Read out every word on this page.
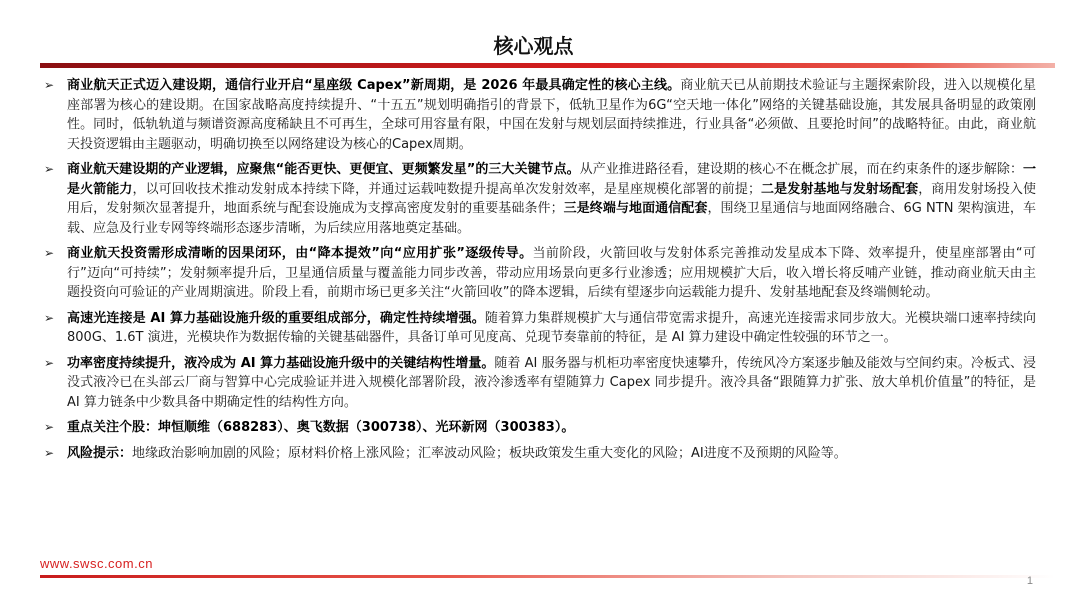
核心观点
➢ 商业航天正式迈入建设期，通信行业开启“星座级 Capex”新周期，是 2026 年最具确定性的核心主线。商业航天已从前期技术验证与主题探索阶段，进入以规模化星座部署为核心的建设期。在国家战略高度持续提升、“十五五”规划明确指引的背景下，低轨卫星作为6G“空天地一体化”网络的关键基础设施，其发展具备明显的政策刚性。同时，低轨轨道与频谱资源高度稀缺且不可再生，全球可用容量有限，中国在发射与规划层面持续推进，行业具备“必须做、且要抢时间”的战略特征。由此，商业航天投资逻辑由主题驱动，明确切换至以网络建设为核心的Capex周期。
➢ 商业航天建设期的产业逻辑，应聚焦“能否更快、更便宜、更频繁发星”的三大关键节点。从产业推进路径看，建设期的核心不在概念扩展，而在约束条件的逐步解除：一是火箭能力，以可回收技术推动发射成本持续下降，并通过运载吨数提升提高单次发射效率，是星座规模化部署的前提；二是发射基地与发射场配套，商用发射场投入使用后，发射频次显著提升，地面系统与配套设施成为支撑高密度发射的重要基础条件；三是终端与地面通信配套，围绕卫星通信与地面网络融合、6G NTN 架构演进，车载、应急及行业专网等终端形态逐步清晰，为后续应用落地奠定基础。
➢ 商业航天投资需形成清晰的因果闭环，由“降本提效”向“应用扩张”逐级传导。当前阶段，火箭回收与发射体系完善推动发星成本下降、效率提升，使星座部署由“可行”迈向“可持续”；发射频率提升后，卫星通信质量与覆盖能力同步改善，带动应用场景向更多行业渗透；应用规模扩大后，收入增长将反哺产业链，推动商业航天由主题投资向可验证的产业周期演进。阶段上看，前期市场已更多关注“火箭回收”的降本逻辑，后续有望逐步向运载能力提升、发射基地配套及终端侧轮动。
➢ 高速光连接是 AI 算力基础设施升级的重要组成部分，确定性持续增强。随着算力集群规模扩大与通信带宽需求提升，高速光连接需求同步放大。光模块端口速率持续向 800G、1.6T 演进，光模块作为数据传输的关键基础器件，具备订单可见度高、兑现节奏靠前的特征，是 AI 算力建设中确定性较强的环节之一。
➢ 功率密度持续提升，液冷成为 AI 算力基础设施升级中的关键结构性增量。随着 AI 服务器与机柜功率密度快速攀升，传统风冷方案逐步触及能效与空间约束。冷板式、浸没式液冷已在头部云厂商与智算中心完成验证并进入规模化部署阶段，液冷渗透率有望随算力 Capex 同步提升。液冷具备“跟随算力扩张、放大单机价值量”的特征，是 AI 算力链条中少数具备中期确定性的结构性方向。
➢ 重点关注个股：坤恒顺维（688283）、奥飞数据（300738）、光环新网（300383）。
➢ 风险提示：地缘政治影响加剧的风险；原材料价格上涨风险；汇率波动风险；板块政策发生重大变化的风险；AI进度不及预期的风险等。
www.swsc.com.cn
1
